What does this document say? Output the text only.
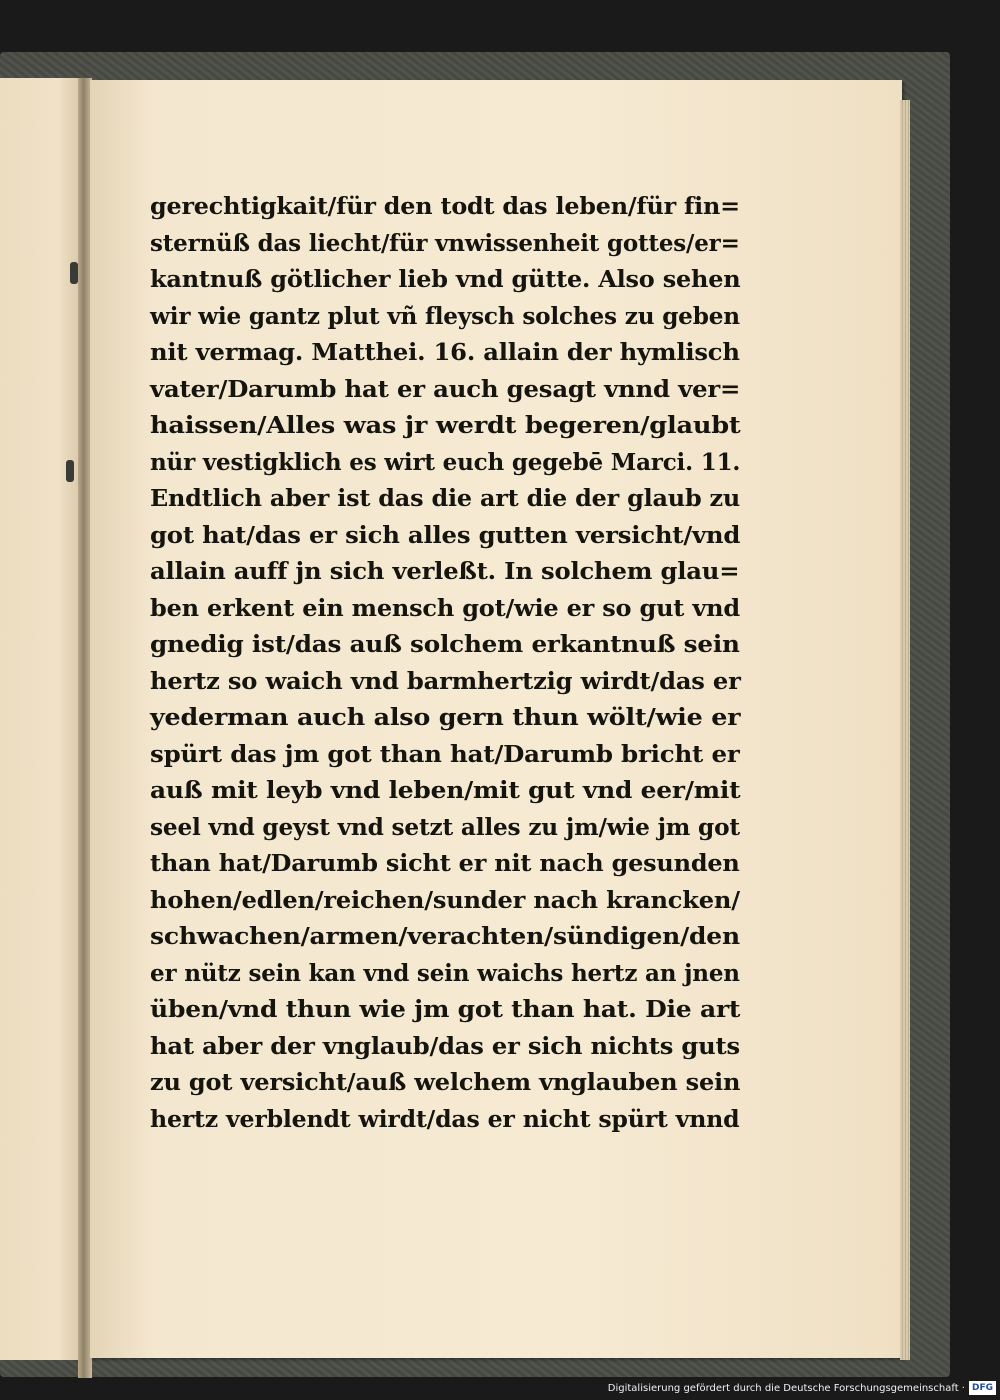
gerechtigkait/für den todt das leben/für fin=
sternüß das liecht/für vnwissenheit gottes/er=
kantnuß götlicher lieb vnd gütte. Also sehen
wir wie gantz plut vñ fleysch solches zu geben
nit vermag. Matthei. 16. allain der hymlisch
vater/Darumb hat er auch gesagt vnnd ver=
haissen/Alles was jr werdt begeren/glaubt
nür vestigklich es wirt euch gegebē Marci. 11.
Endtlich aber ist das die art die der glaub zu
got hat/das er sich alles gutten versicht/vnd
allain auff jn sich verleßt. In solchem glau=
ben erkent ein mensch got/wie er so gut vnd
gnedig ist/das auß solchem erkantnuß sein
hertz so waich vnd barmhertzig wirdt/das er
yederman auch also gern thun wölt/wie er
spürt das jm got than hat/Darumb bricht er
auß mit leyb vnd leben/mit gut vnd eer/mit
seel vnd geyst vnd setzt alles zu jm/wie jm got
than hat/Darumb sicht er nit nach gesunden
hohen/edlen/reichen/sunder nach krancken/
schwachen/armen/verachten/sündigen/den
er nütz sein kan vnd sein waichs hertz an jnen
üben/vnd thun wie jm got than hat. Die art
hat aber der vnglaub/das er sich nichts guts
zu got versicht/auß welchem vnglauben sein
hertz verblendt wirdt/das er nicht spürt vnnd
Digitalisierung gefördert durch die Deutsche Forschungsgemeinschaft · DFG
